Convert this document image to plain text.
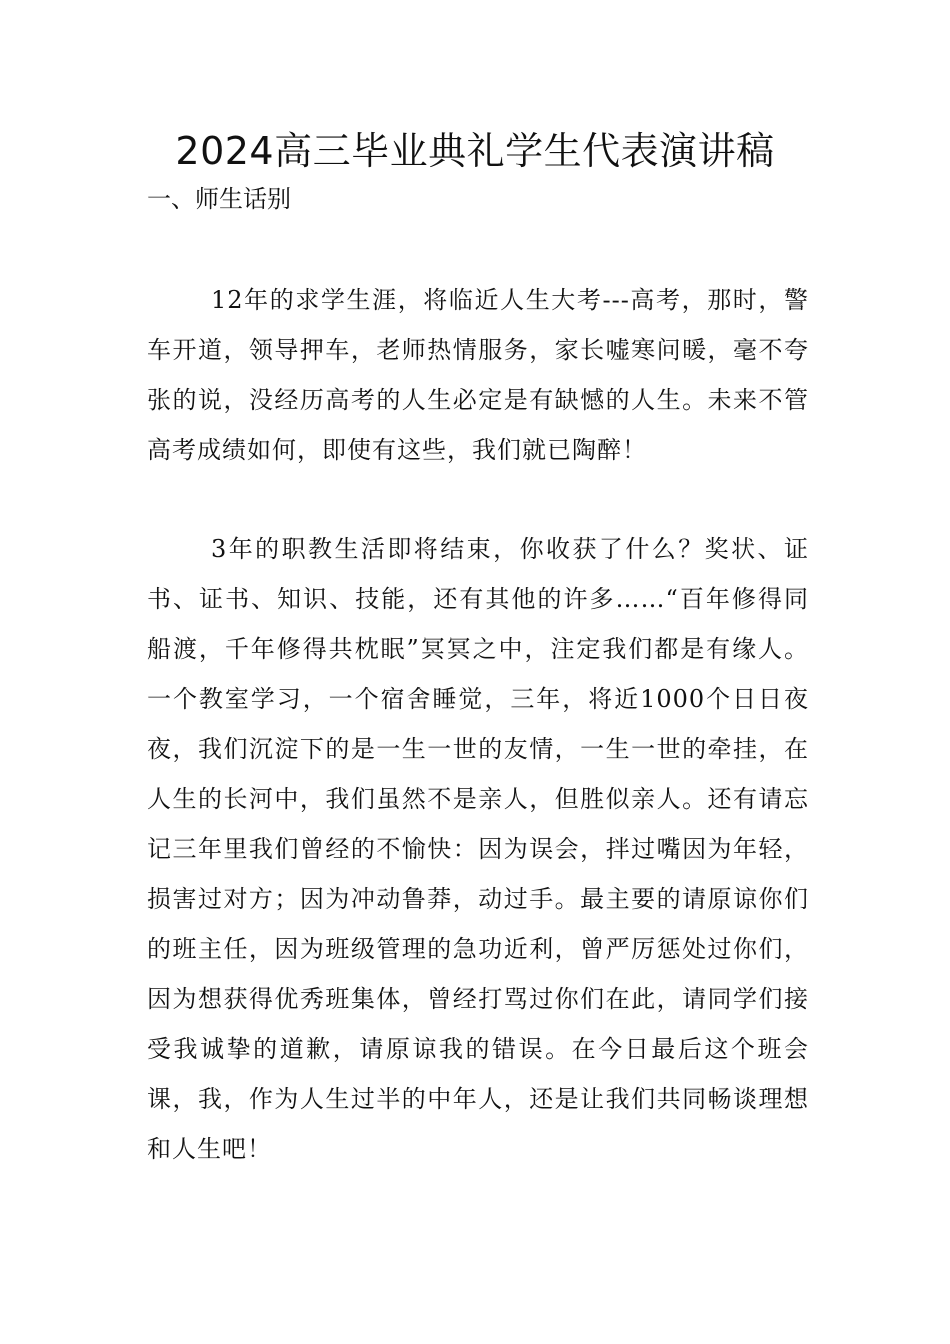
2024高三毕业典礼学生代表演讲稿
一、师生话别

12年的求学生涯，将临近人生大考---高考，那时，警车开道，领导押车，老师热情服务，家长嘘寒问暖，毫不夸张的说，没经历高考的人生必定是有缺憾的人生。未来不管高考成绩如何，即使有这些，我们就已陶醉！

3年的职教生活即将结束，你收获了什么？奖状、证书、证书、知识、技能，还有其他的许多……“百年修得同船渡，千年修得共枕眠”冥冥之中，注定我们都是有缘人。一个教室学习，一个宿舍睡觉，三年，将近1000个日日夜夜，我们沉淀下的是一生一世的友情，一生一世的牵挂，在人生的长河中，我们虽然不是亲人，但胜似亲人。还有请忘记三年里我们曾经的不愉快：因为误会，拌过嘴因为年轻，损害过对方；因为冲动鲁莽，动过手。最主要的请原谅你们的班主任，因为班级管理的急功近利，曾严厉惩处过你们，因为想获得优秀班集体，曾经打骂过你们在此，请同学们接受我诚挚的道歉，请原谅我的错误。在今日最后这个班会课，我，作为人生过半的中年人，还是让我们共同畅谈理想和人生吧！
